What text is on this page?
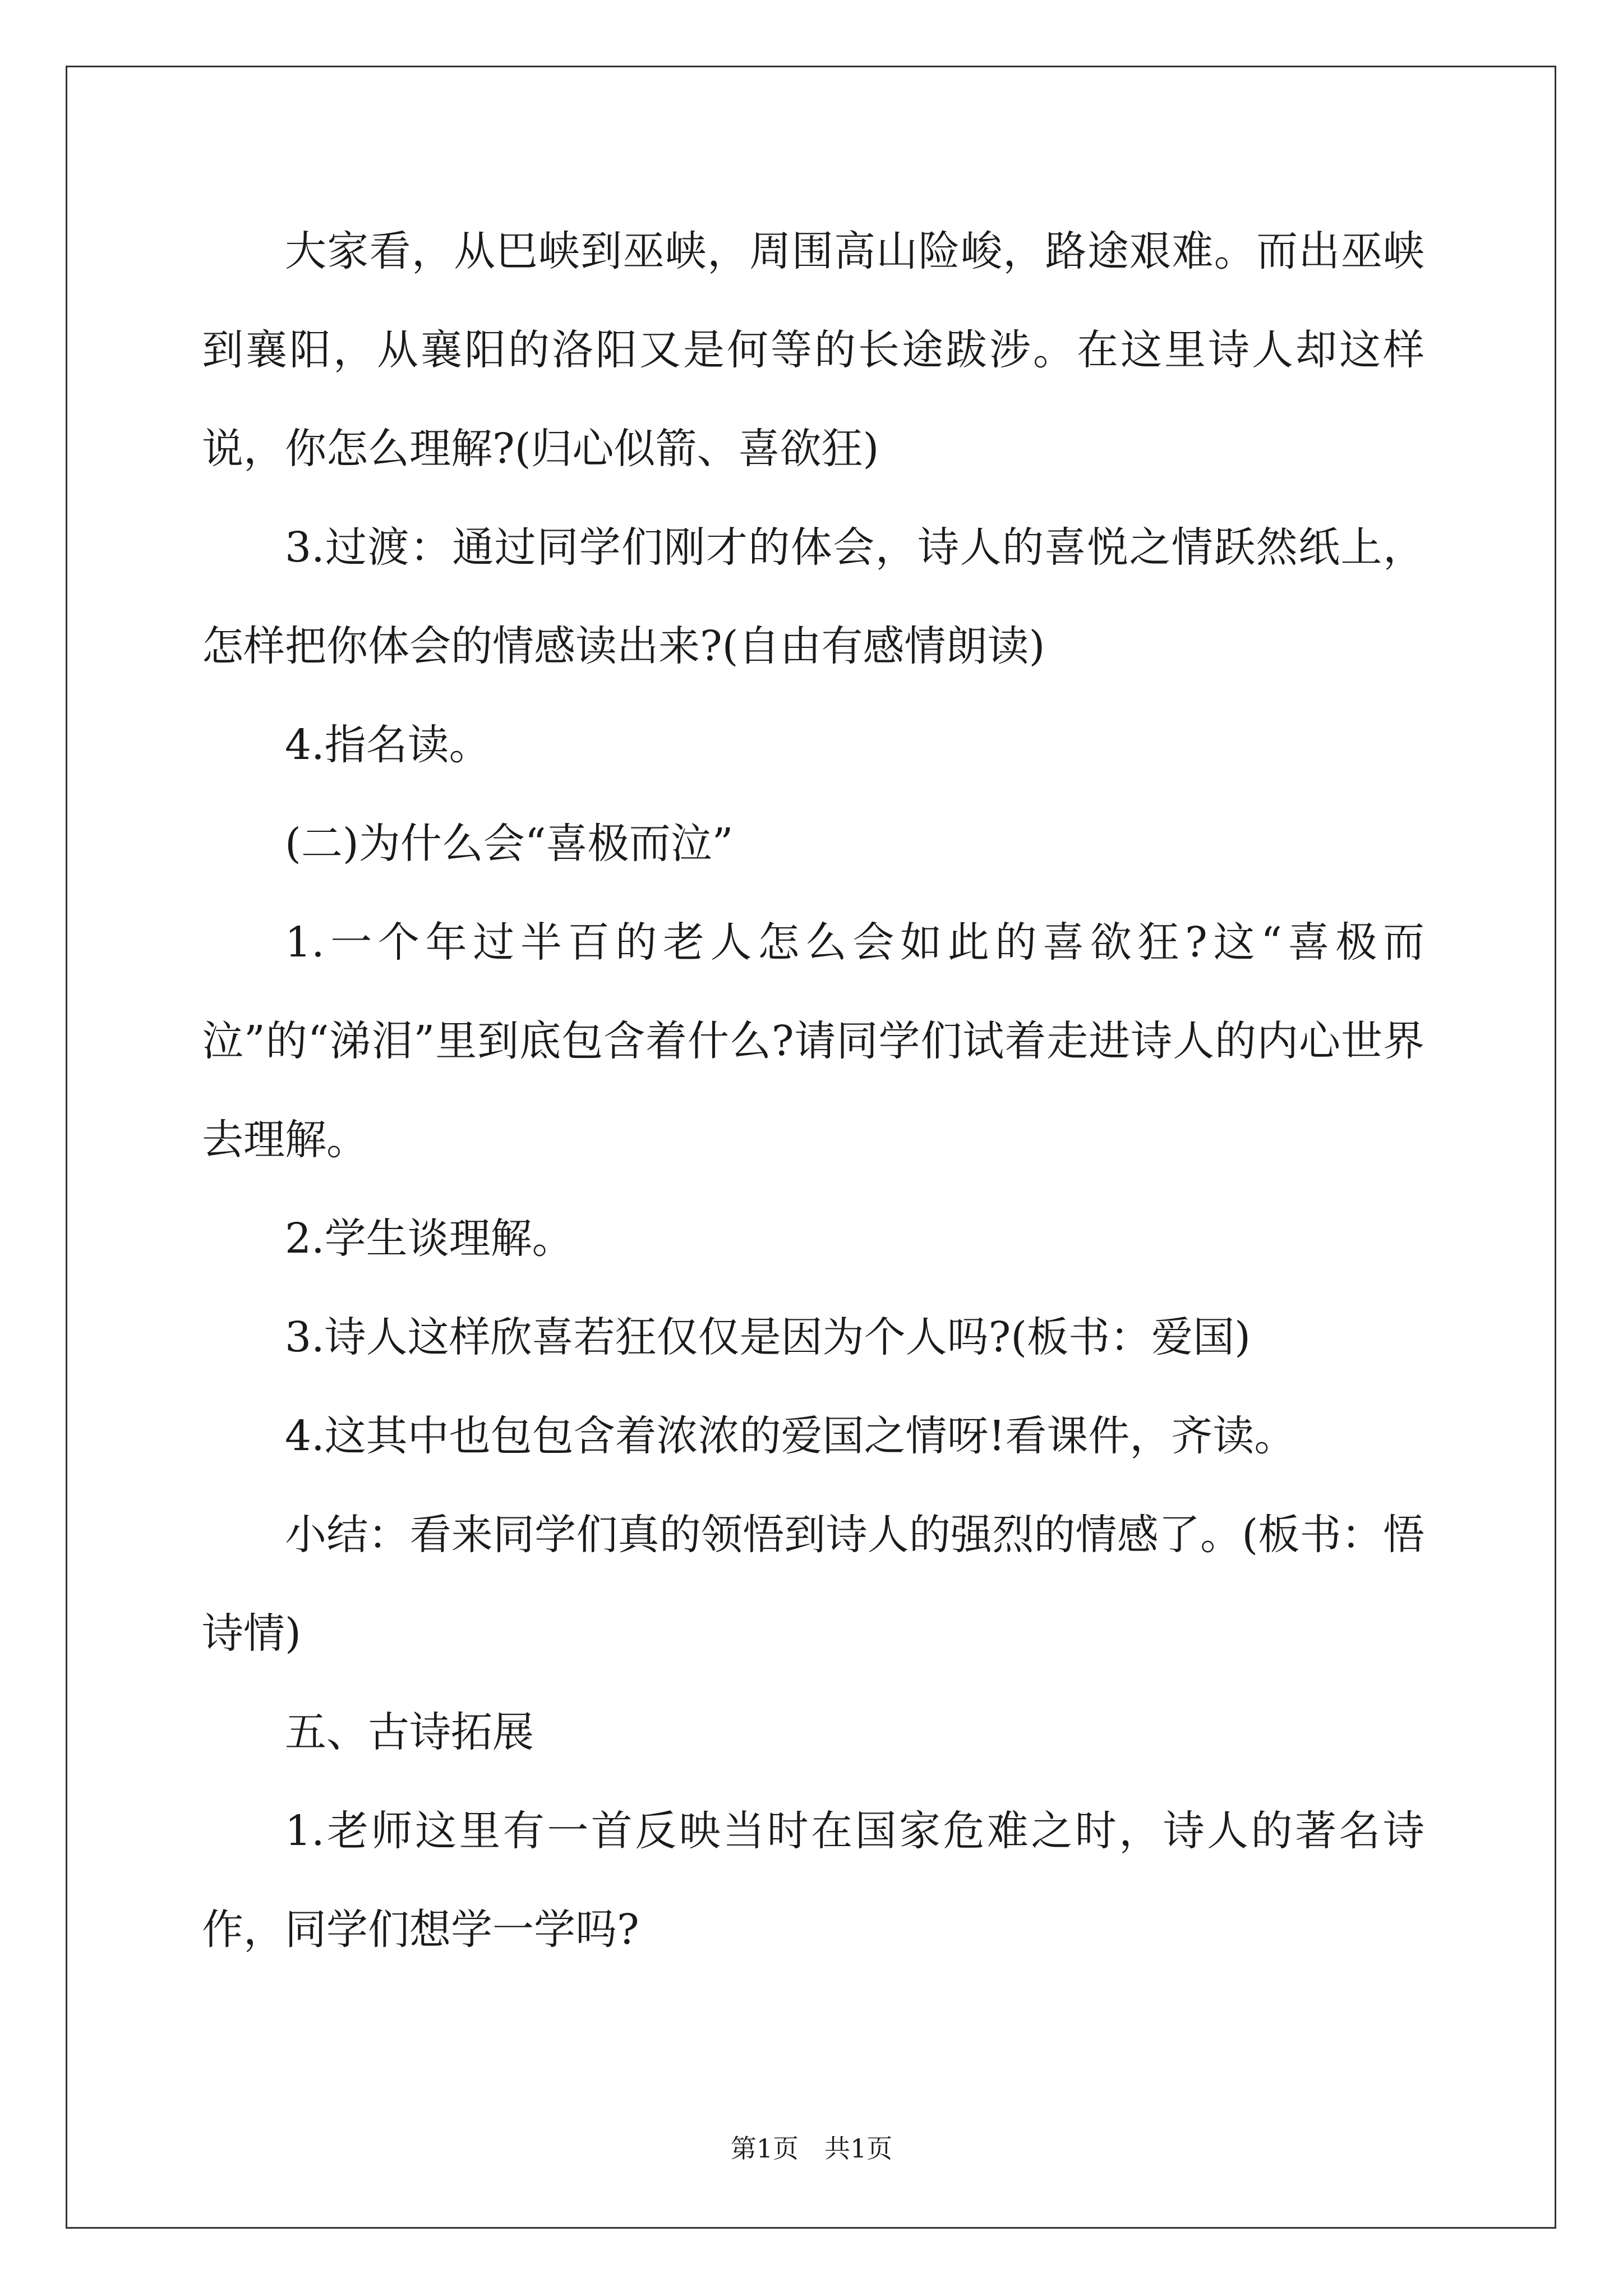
大家看，从巴峡到巫峡，周围高山险峻，路途艰难。而出巫峡到襄阳，从襄阳的洛阳又是何等的长途跋涉。在这里诗人却这样说，你怎么理解?(归心似箭、喜欲狂)

3.过渡：通过同学们刚才的体会，诗人的喜悦之情跃然纸上，怎样把你体会的情感读出来?(自由有感情朗读)

4.指名读。

(二)为什么会“喜极而泣”

1.一个年过半百的老人怎么会如此的喜欲狂?这“喜极而泣”的“涕泪”里到底包含着什么?请同学们试着走进诗人的内心世界去理解。

2.学生谈理解。

3.诗人这样欣喜若狂仅仅是因为个人吗?(板书：爱国)

4.这其中也包包含着浓浓的爱国之情呀!看课件，齐读。

小结：看来同学们真的领悟到诗人的强烈的情感了。(板书：悟诗情)

五、古诗拓展

1.老师这里有一首反映当时在国家危难之时，诗人的著名诗作，同学们想学一学吗?

第1页　共1页
